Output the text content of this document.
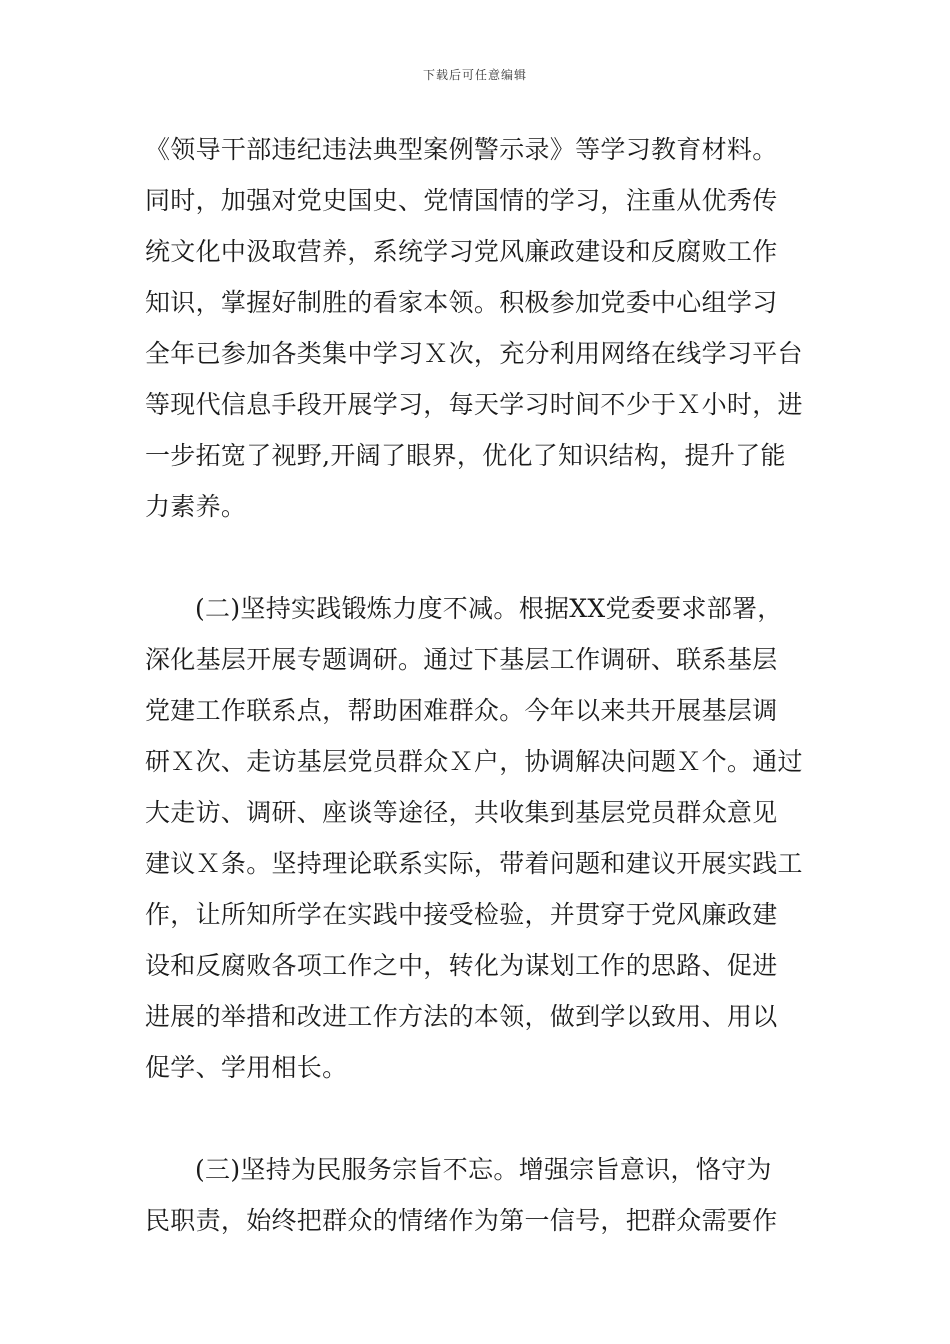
下载后可任意编辑
《领导干部违纪违法典型案例警示录》等学习教育材料。
同时，加强对党史国史、党情国情的学习，注重从优秀传
统文化中汲取营养，系统学习党风廉政建设和反腐败工作
知识，掌握好制胜的看家本领。积极参加党委中心组学习
全年已参加各类集中学习Ｘ次，充分利用网络在线学习平台
等现代信息手段开展学习，每天学习时间不少于Ｘ小时，进
一步拓宽了视野,开阔了眼界，优化了知识结构，提升了能
力素养。
(二)坚持实践锻炼力度不减。根据XX党委要求部署，
深化基层开展专题调研。通过下基层工作调研、联系基层
党建工作联系点，帮助困难群众。今年以来共开展基层调
研Ｘ次、走访基层党员群众Ｘ户，协调解决问题Ｘ个。通过
大走访、调研、座谈等途径，共收集到基层党员群众意见
建议Ｘ条。坚持理论联系实际，带着问题和建议开展实践工
作，让所知所学在实践中接受检验，并贯穿于党风廉政建
设和反腐败各项工作之中，转化为谋划工作的思路、促进
进展的举措和改进工作方法的本领，做到学以致用、用以
促学、学用相长。
(三)坚持为民服务宗旨不忘。增强宗旨意识，恪守为
民职责，始终把群众的情绪作为第一信号，把群众需要作
